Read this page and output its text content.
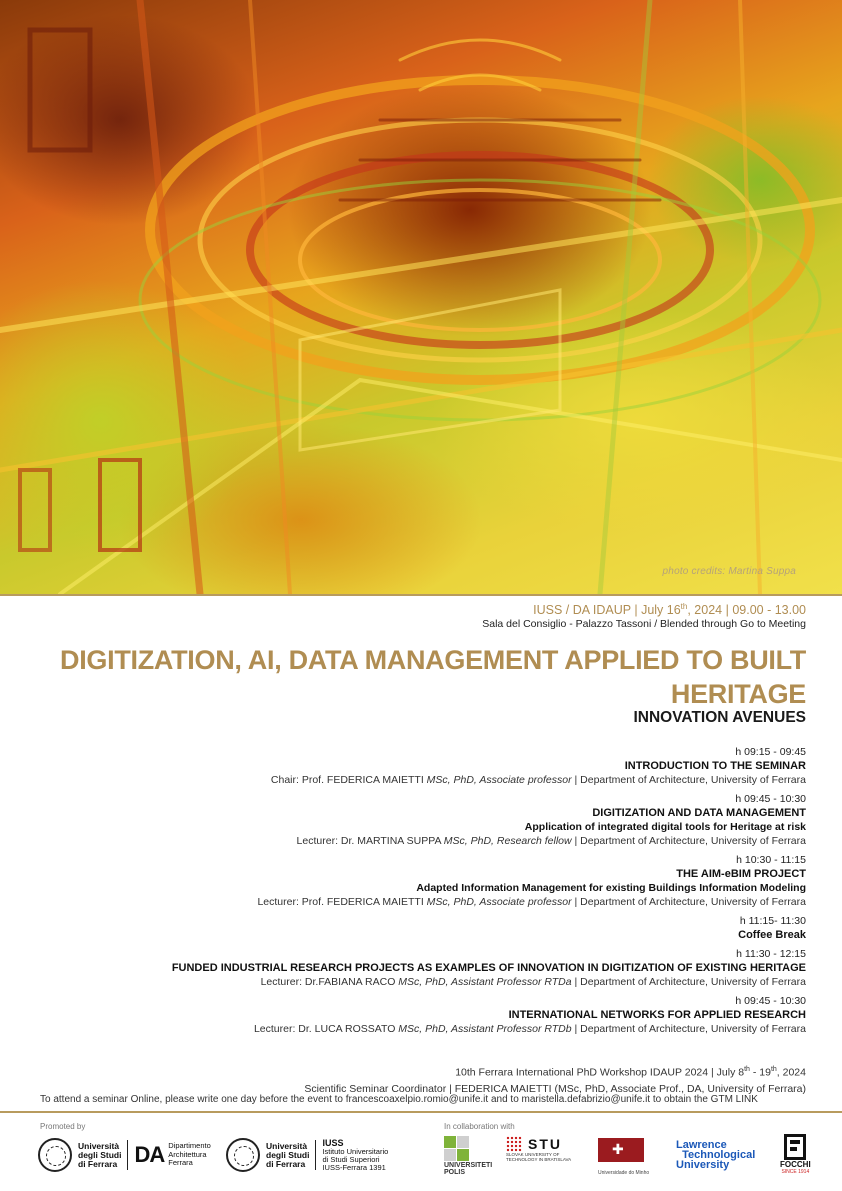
photo credits: Martina Suppa
IUSS / DA IDAUP | July 16th, 2024 | 09.00 - 13.00
Sala del Consiglio - Palazzo Tassoni / Blended through Go to Meeting
DIGITIZATION, AI, DATA MANAGEMENT APPLIED TO BUILT HERITAGE
INNOVATION AVENUES
h 09:15 - 09:45
INTRODUCTION TO THE SEMINAR
Chair: Prof. FEDERICA MAIETTI MSc, PhD, Associate professor | Department of Architecture, University of Ferrara
h 09:45 - 10:30
DIGITIZATION AND DATA MANAGEMENT
Application of integrated digital tools for Heritage at risk
Lecturer: Dr. MARTINA SUPPA MSc, PhD, Research fellow | Department of Architecture, University of Ferrara
h 10:30 - 11:15
THE AIM-eBIM PROJECT
Adapted Information Management for existing Buildings Information Modeling
Lecturer: Prof. FEDERICA MAIETTI MSc, PhD, Associate professor | Department of Architecture, University of Ferrara
h 11:15- 11:30
Coffee Break
h 11:30 - 12:15
FUNDED INDUSTRIAL RESEARCH PROJECTS AS EXAMPLES OF INNOVATION IN DIGITIZATION OF EXISTING HERITAGE
Lecturer: Dr.FABIANA RACO MSc, PhD, Assistant Professor RTDa | Department of Architecture, University of Ferrara
h 09:45 - 10:30
INTERNATIONAL NETWORKS FOR APPLIED RESEARCH
Lecturer: Dr. LUCA ROSSATO MSc, PhD, Assistant Professor RTDb | Department of Architecture, University of Ferrara
10th Ferrara International PhD Workshop IDAUP 2024 | July 8th - 19th, 2024
Scientific Seminar Coordinator | FEDERICA MAIETTI (MSc, PhD, Associate Prof., DA, University of Ferrara)
To attend a seminar Online, please write one day before the event to francescoaxelpio.romio@unife.it and to maristella.defabrizio@unife.it to obtain the GTM LINK
Promoted by	In collaboration with
Università
degli Studi
di Ferrara DA Dipartimento
Architettura
Ferrara
Università
degli Studi
di Ferrara
IUSS
Istituto Universitario
di Studi Superiori
IUSS-Ferrara 1391	UNIVERSITETI
POLIS
STU
SLOVAK UNIVERSITY OF
TECHNOLOGY IN BRATISLAVA
✚
Universidade do Minho
Lawrence
Technological
University	FOCCHI
SINCE 1914
